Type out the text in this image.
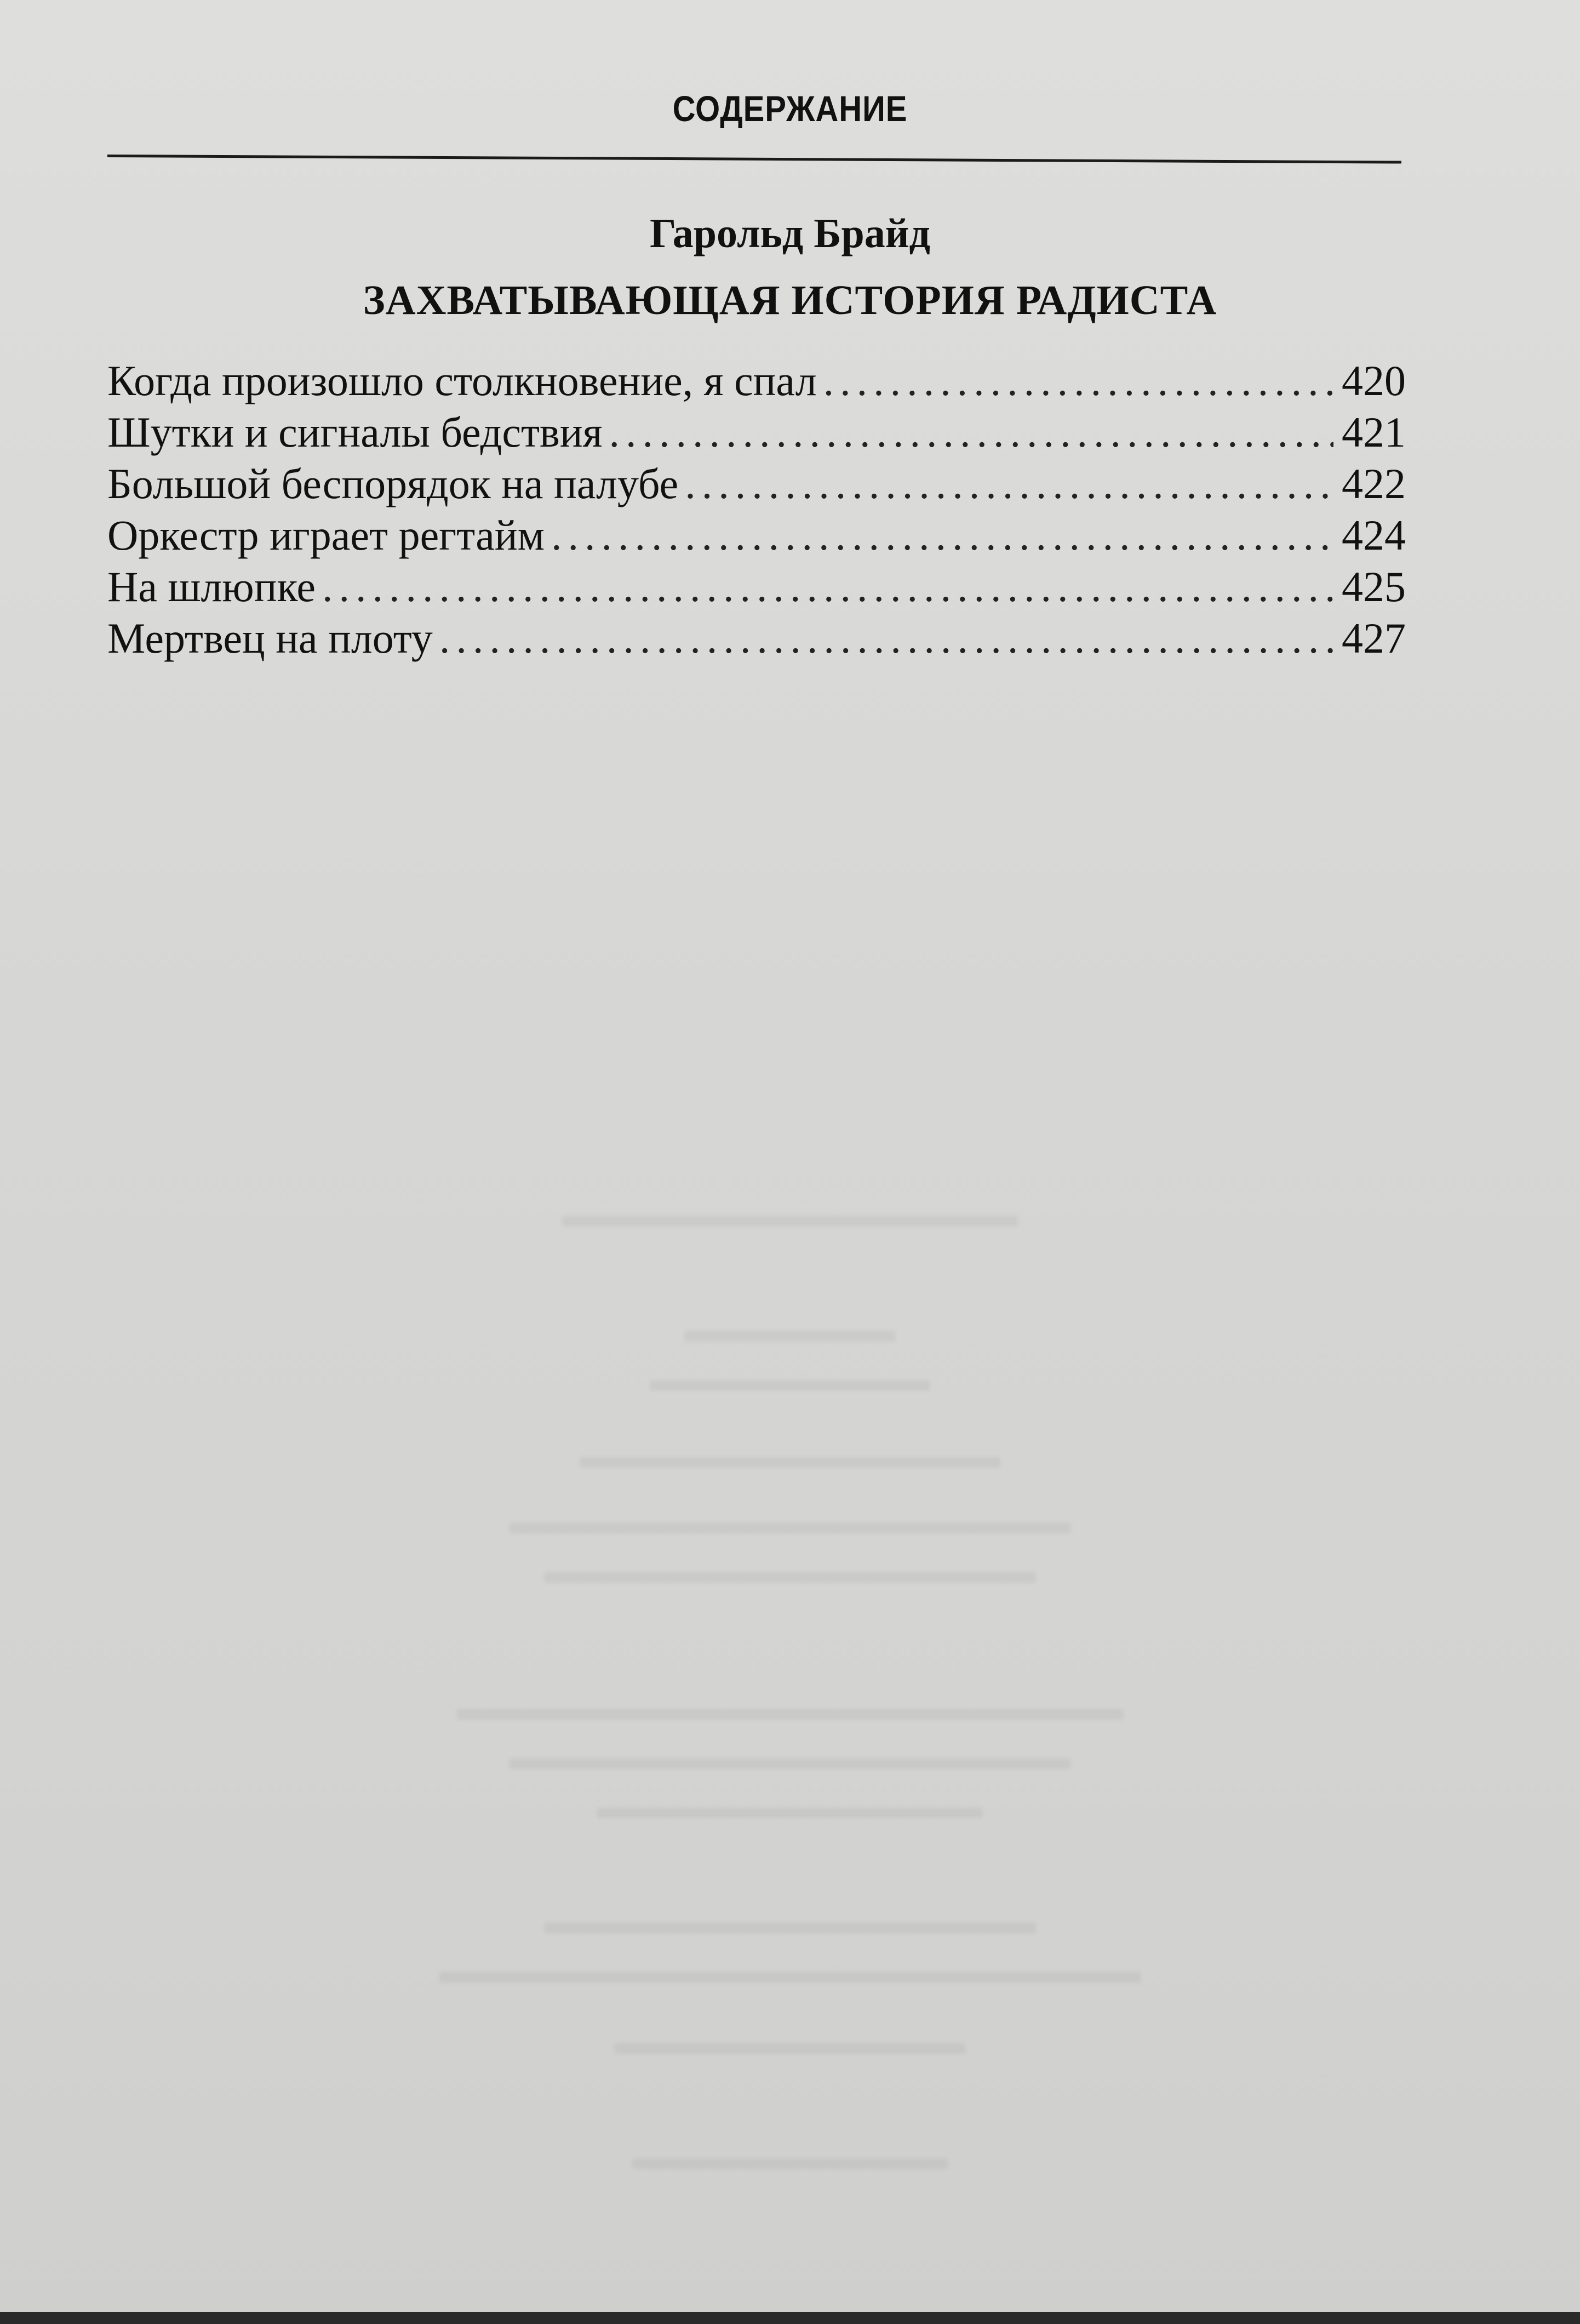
СОДЕРЖАНИЕ
Гарольд Брайд
ЗАХВАТЫВАЮЩАЯ ИСТОРИЯ РАДИСТА
Когда произошло столкновение, я спал .....	420
Шутки и сигналы бедствия .....	421
Большой беспорядок на палубе .....	422
Оркестр играет регтайм .....	424
На шлюпке .....	425
Мертвец на плоту .....	427
▬▬▬▬▬▬▬▬▬▬▬▬▬
▬▬▬▬▬▬
▬▬▬▬▬▬▬▬
▬▬▬▬▬▬▬▬▬▬▬▬
▬▬▬▬▬▬▬▬▬▬▬▬▬▬▬▬
▬▬▬▬▬▬▬▬▬▬▬▬▬▬
▬▬▬▬▬▬▬▬▬▬▬▬▬▬▬▬▬▬▬
▬▬▬▬▬▬▬▬▬▬▬▬▬▬▬▬
▬▬▬▬▬▬▬▬▬▬▬
▬▬▬▬▬▬▬▬▬▬▬▬▬▬
▬▬▬▬▬▬▬▬▬▬▬▬▬▬▬▬▬▬▬▬
▬▬▬▬▬▬▬▬▬▬
▬▬▬▬▬▬▬▬▬
